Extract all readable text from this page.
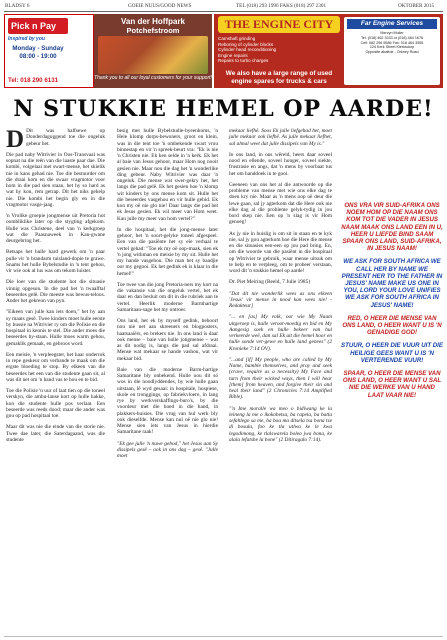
BLADSY 6	GOEIE NUUS/GOOD NEWS	TEL (018) 293 1996 FAKS (018) 297 2301	OKTOBER 2015
Pick n Pay
Inspired by you
Monday - Sunday
08:00 - 19:00
Tel: 018 290 6131
Van der Hoffpark
Potchefstroom
Thank you to all our loyal customers for your support!
THE ENGINE CITY
Camshaft grinding
Reboring of cylinder blocks
Cylinder head reconditioning
Engine repairs
Repairs to turbo charges
We also have a large range of used engine spares for trucks & cars
Far Engine Services
Mervyn Muller
Tel: (018) 462 3333 or (018) 464 1676
Cell: 082 296 5586 Fax: 018 464 3555
124 Kerk Street Klerksdorp
Opposite abattoir - Orkney Road
N STUKKIE HEMEL OP AARDE!

D Dit was halfsewe op Donderdagoggend toe die ongeluk gebeur het.

Die pad naby Witrivier in Oos-Transvaal was sopnat na die reën van die laaste paar dae. Die kombi, volgelaai met swart-mense, het skielik nie in kans gehad nie. Toe die bestuurder om die draai kom en die swaar vragmotor voor hom in die pad sien staan, het hy so hard as wat hy kon, rem getrap. Dit het niks gehelp nie. Die kombi het begin gly en in die vragmotor vasge-jaag.

'n Vrolike groepie jongmense uit Pretoria hot oombliklike later op die stygting afgekom. Hulle was Christene, deel van 'n kerkgroep wat die Paasnaweek in Kan-gwane deurgebring het.

Betsaps het hulle hard gewerk om 'n paar pulle vir 'n brandarm tuisland-dopie te grawe. Snams het hulle Bybelstudie in 'n tent gehou, vir wie ook al lus was om tekom luister.

Die loer van die studente hot die situasie vinnig opgeson. In die pad het 'n twaalftal beseerdes gelê. Die meeste was bewus-teloos. Ander het gekreun van pyn.

"Eikeen van julle kan iets doen," het hy aan sy maats gesê. Twee kinders moet hulle eerste by bussie na Witrivier ry om die Polisie en die hospitaal in kennis te stel. Die ander moes die beseerdes by-staan. Hulle moes warm gehou, gemaklik gemaak, en gebroos word.

Een meisie, 'n verpleegster, het haar onderrok in repe geskeur om verbande te maak om die ergste bloeding te stop. By elkeen van die beseerdes het een van die studente gaan sit, al was dit net om 'n hand vas te hou en te bid.

Toe die Polisie 'n uur of laat tien op die toneel verskyn, die ambu-lanse kort op hulle hakke, kon die studente hulle pos verlaat. Een beseerde was reeds dood; maar die ander was gou op pad hospitaal toe.

Maar dit was nie die einde van die storie nie. Twee dae later, die Saterdagaand, was die studente

besig met hulle Bybelstudie-byeenkoms, 'n Hele klomp dorps-bewoners, groot en klein, was in die tent toe 'n ombekende swart vrou binnestap en vir 'n spreek-beurt vra: "Ek is nie 'n Christen nie. Ek ken selde in 'n kerk. Ek het al baie van Jesus gehoor, maar Hom nog nooit gesien nie. Maar nou die dag het 'n wonderlike ding gebeur. Naby Witrivier was daar 'n ongeluk. Die mense wat swer-gekry het, het langs die pad gelê. Ek het gesien hoe 'n klomp wit kinders by ons mense kom sit. Hulle het die beseerdes vasgehou en vir hulle gebid. Ek kon my oë nie glo nie! Daar langs die pad het ek Jesus gesien. Ek wil meer van Hom weet. Kan julle my meer van hom vertel?"

In die hospitaal, het die jong-mense later gehoor, het 'n soort-gelyke toneel afgespeel. Een van die pasiënte het sy eie verhaal te vertel gehad: "Toe ek my oë oop-maak, sien ek 'n jong withman en meisie by my sit. Hulle het my hande vasgehou. Die man het sy baadjie oor my gegooi. Ek het gedink ek is klaar in die hemel!"

Toe twee van die jong Pretoria-ners my kort na die vakansie van die ongeluk vertel, het ek daar en dan besluit om dit in die rubriek aan te vertel. Heerlik moderne Barmhartige Samaritaan-sage het my ontroer.

Ons land, het ek by myself gedink, behoort nou nie net aan skreeuers en blogposters, haatsaaiërs, en brekers nie. In ons land is daar ook mense – baie van hulle jongmense – wat as dit nodig is, langs die pad sal afdraai. Mense wat mekaar se hande vashou, wat vir mekaar bid.

Baie van die moderne Barm-hartige Samaritane bly onbekend. Hulle oou dit só wos in die noodlyddendes, by wie hulle gaan uitstaan, lê wyd gesaai: in hospitale, hospiese, skole en tronggings, op fabriekvloere, in lang rye by werkverskaffings-buro's, by die voordeur met die hoed in die hand, in plakkers-huisies. Die vrug van hul werk bly ook dieselfde. Mense kan nul oë nie glo nie! Mense sien iets van Jesus in hierdie Samaritane raak!

"Ek gee julle 'n nuwe gebod," het Jesus aan Sy dissipels gesê – ook in ons dag – gesê. "Julle moet

mekaar liefhê. Soos Ek julle liefgehad het, moet julle mekaar ook liefhê. As julle mekaar liefhet, sal almal weet dat julle dissipels van My is."

In ons land, in ons wêreld, heers daar soveel nood en ellende, soveel honger, soveel siekte, frustrasie en angs, dat 'n mens by voorbaat tus het om handdoek in te gooi.

Geeneen van ons het al die antwoorde op die probleme van mense met wie ons elke dag te doen kry nie. Maar as 'n mens oop oë deur die lewe gaan, sal jy agterkom dat die Here ook nie elke dag al die probleme gelyk-tydig in jou bord skep nie. Een op 'n slag is vir Hom genoeg!

As jy nie in huislig is om sit in staan en te kyk nie, sal jy gou agterkom hoe die Here die mense en die situasies een-een op jou pad bring. En, om die woorde van die pasiënt in die hospitaal op Witrivier te gebruik, waar mense uitsuk om te help en te verpleeg, om te probeer verstaan, word dit 'n stukkie hemel op aarde!

Dr. Piet Meiring (Beeld, 7 Julie 1985)

"Dat dit nie wonderlik wees as ons elkeen 'Jesus' vir mense in nood kan wees nie! - Redakteur]

"... en [as] My volk, oor wie My Naam uitgeroep is, hulle veroot-moedig en bid en My Aangesig soek en hulle bekeer van hul verkeerde weë, dan sal Ek uit die hemel hoor en hulle sonde ver-gewe en hulle land genees" (2 Kronieke 7:14 OV).

"...and [if] My people, who are called by My Name, humble themselves, and pray and seek (crave, require as a necessity) My Face and turn from their wicked ways, then I will hear [them] from heaven, and forgive their sin and heal their land" (2 Chronicles 7:14 Amplified Bible).

"'n Ime moralle wa meo o bidiwang ke la leineng la me o ikokobetsa, ba rapela, ba batla sefahlego sa me, ba boa ma ditsela tsa bona tse di bosula, foo ke tla utlwa ke le kwa legodimong, ke tlalswarela boleo jwa bona, ke alala lefatshe la bone" (2 Ditiragalo 7:14).

ONS VRA VIR SUID-AFRIKA ONS NOEM HOM OP DIE NAAM ONS KOM TOT DIE VADER IN JESUS NAAM MAAK ONS LAND EEN IN U, HEER U LIEFDE BIND SAAM SPAAR ONS LAND, SUID-AFRIKA, IN JESUS NAAM!

WE ASK FOR SOUTH AFRICA WE CALL HER BY NAME WE PRESENT HER TO THE FATHER IN JESUS' NAME MAKE US ONE IN YOU, LORD YOUR LOVE UNIFIES WE ASK FOR SOUTH AFRICA IN JESUS' NAME!

RED, O HEER DIE MENSE VAN ONS LAND, O HEER WANT U IS 'N GENADIGE GOD!

STUUR, O HEER DIE VUUR UIT DIE HEILIGE GEES WANT U IS 'N VERTERENDE VUUR!

SPAAR, O HEER DIE MENSE VAN ONS LAND, O HEER WANT U SAL NIE DIE WERKE VAN U HAND LAAT VAAR NIE!
